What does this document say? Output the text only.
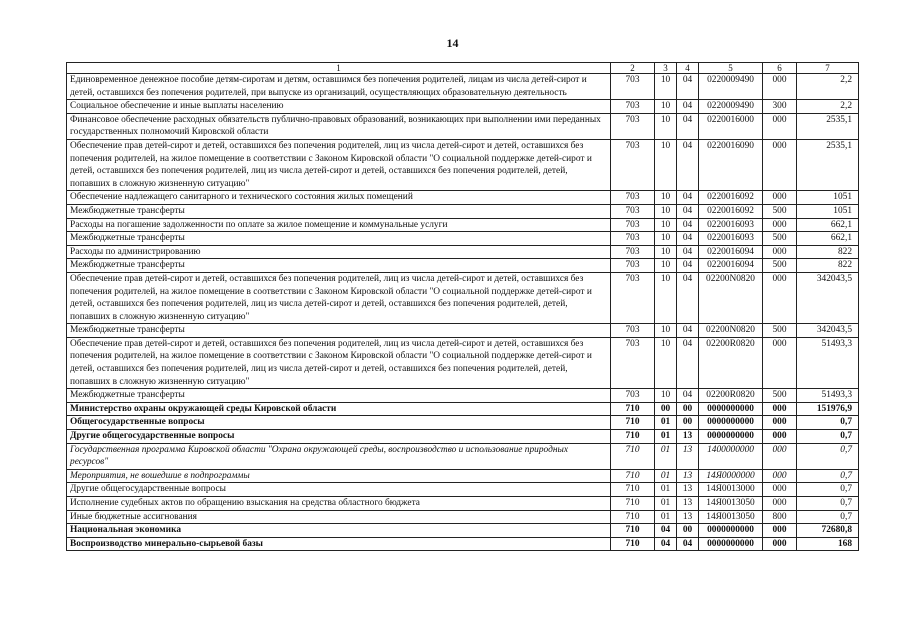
14
1	2	3	4	5	6	7
Единовременное денежное пособие детям-сиротам и детям, оставшимся без попечения родителей, лицам из числа детей-сирот и детей, оставшихся без попечения родителей, при выпуске из организаций, осуществляющих образовательную деятельность	703	10	04	0220009490	000	2,2
Социальное обеспечение и иные выплаты населению	703	10	04	0220009490	300	2,2
Финансовое обеспечение расходных обязательств публично-правовых образований, возникающих при выполнении ими переданных государственных полномочий Кировской области	703	10	04	0220016000	000	2535,1
Обеспечение прав детей-сирот и детей, оставшихся без попечения родителей, лиц из числа детей-сирот и детей, оставшихся без попечения родителей, на жилое помещение в соответствии с Законом Кировской области "О социальной поддержке детей-сирот и детей, оставшихся без попечения родителей, лиц из числа детей-сирот и детей, оставшихся без попечения родителей, детей, попавших в сложную жизненную ситуацию"	703	10	04	0220016090	000	2535,1
Обеспечение надлежащего санитарного и технического состояния жилых помещений	703	10	04	0220016092	000	1051
Межбюджетные трансферты	703	10	04	0220016092	500	1051
Расходы на погашение задолженности по оплате за жилое помещение и коммунальные услуги	703	10	04	0220016093	000	662,1
Межбюджетные трансферты	703	10	04	0220016093	500	662,1
Расходы по администрированию	703	10	04	0220016094	000	822
Межбюджетные трансферты	703	10	04	0220016094	500	822
Обеспечение прав детей-сирот и детей, оставшихся без попечения родителей, лиц из числа детей-сирот и детей, оставшихся без попечения родителей, на жилое помещение в соответствии с Законом Кировской области "О социальной поддержке детей-сирот и детей, оставшихся без попечения родителей, лиц из числа детей-сирот и детей, оставшихся без попечения родителей, детей, попавших в сложную жизненную ситуацию"	703	10	04	02200N0820	000	342043,5
Межбюджетные трансферты	703	10	04	02200N0820	500	342043,5
Обеспечение прав детей-сирот и детей, оставшихся без попечения родителей, лиц из числа детей-сирот и детей, оставшихся без попечения родителей, на жилое помещение в соответствии с Законом Кировской области "О социальной поддержке детей-сирот и детей, оставшихся без попечения родителей, лиц из числа детей-сирот и детей, оставшихся без попечения родителей, детей, попавших в сложную жизненную ситуацию"	703	10	04	02200R0820	000	51493,3
Межбюджетные трансферты	703	10	04	02200R0820	500	51493,3
Министерство охраны окружающей среды Кировской области	710	00	00	0000000000	000	151976,9
Общегосударственные вопросы	710	01	00	0000000000	000	0,7
Другие общегосударственные вопросы	710	01	13	0000000000	000	0,7
Государственная программа Кировской области "Охрана окружающей среды, воспроизводство и использование природных ресурсов"	710	01	13	1400000000	000	0,7
Мероприятия, не вошедшие в подпрограммы	710	01	13	14Я0000000	000	0,7
Другие общегосударственные вопросы	710	01	13	14Я0013000	000	0,7
Исполнение судебных актов по обращению взыскания на средства областного бюджета	710	01	13	14Я0013050	000	0,7
Иные бюджетные ассигнования	710	01	13	14Я0013050	800	0,7
Национальная экономика	710	04	00	0000000000	000	72680,8
Воспроизводство минерально-сырьевой базы	710	04	04	0000000000	000	168
